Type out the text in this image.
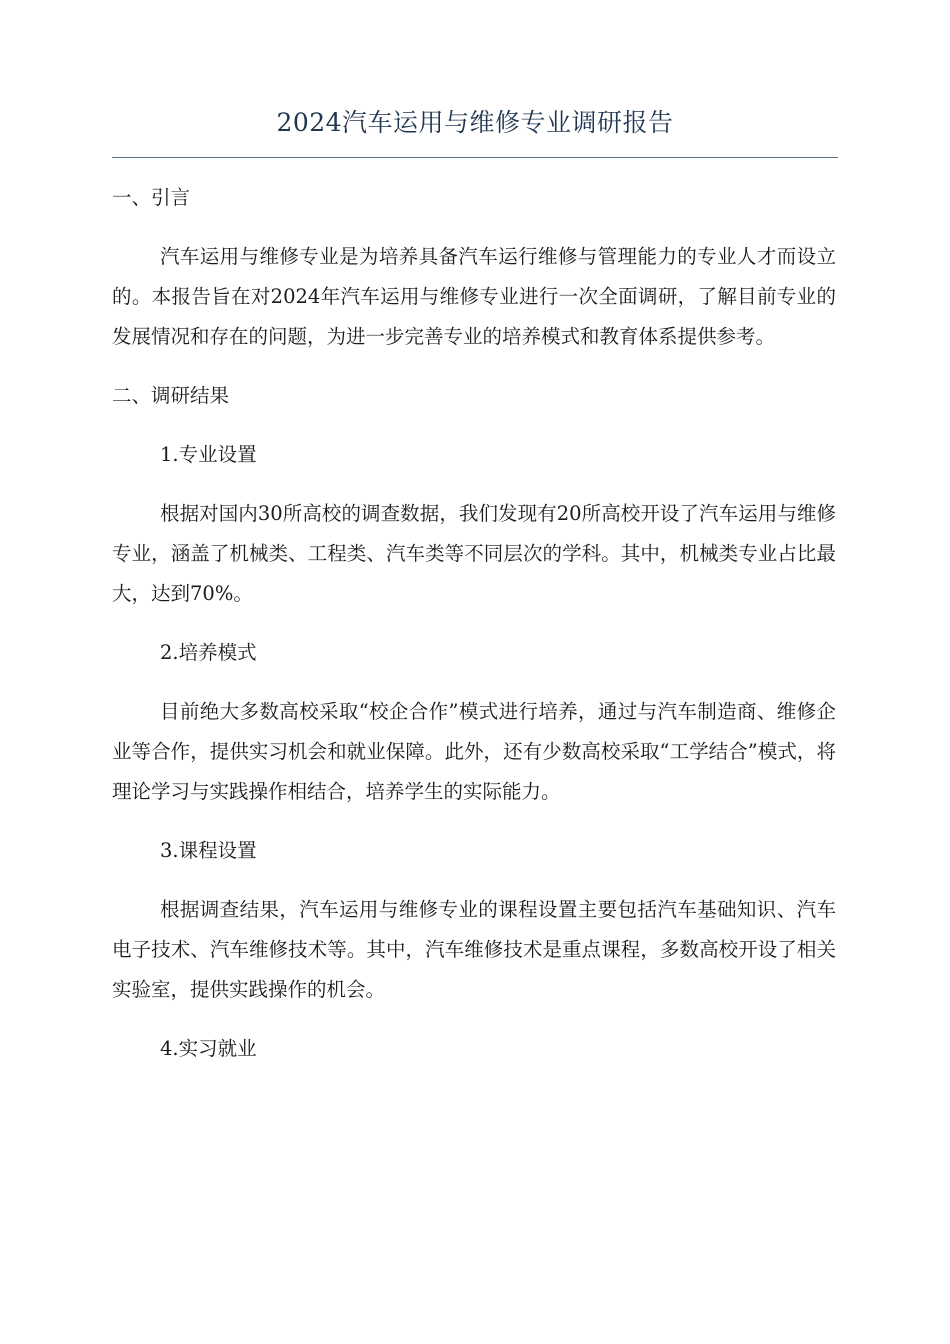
2024汽车运用与维修专业调研报告

一、引言

汽车运用与维修专业是为培养具备汽车运行维修与管理能力的专业人才而设立的。本报告旨在对2024年汽车运用与维修专业进行一次全面调研，了解目前专业的发展情况和存在的问题，为进一步完善专业的培养模式和教育体系提供参考。

二、调研结果

1.专业设置

根据对国内30所高校的调查数据，我们发现有20所高校开设了汽车运用与维修专业，涵盖了机械类、工程类、汽车类等不同层次的学科。其中，机械类专业占比最大，达到70%。

2.培养模式

目前绝大多数高校采取“校企合作”模式进行培养，通过与汽车制造商、维修企业等合作，提供实习机会和就业保障。此外，还有少数高校采取“工学结合”模式，将理论学习与实践操作相结合，培养学生的实际能力。

3.课程设置

根据调查结果，汽车运用与维修专业的课程设置主要包括汽车基础知识、汽车电子技术、汽车维修技术等。其中，汽车维修技术是重点课程，多数高校开设了相关实验室，提供实践操作的机会。

4.实习就业
